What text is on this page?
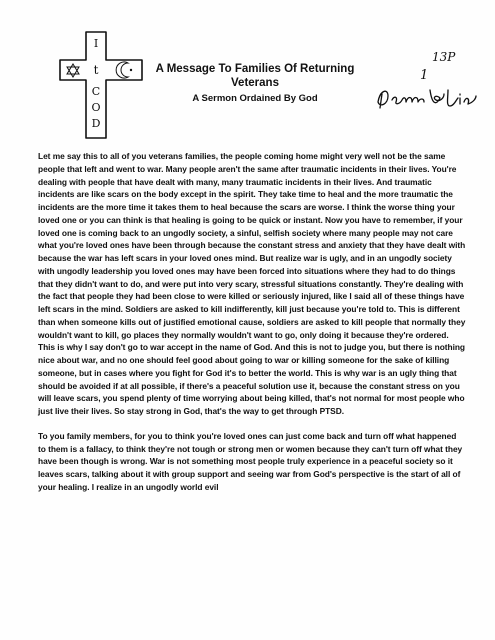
I
t
C
O
D
A Message To Families Of Returning Veterans
A Sermon Ordained By God
13P
1

Let me say this to all of you veterans families, the people coming home might very well not be the same people that left and went to war. Many people aren't the same after traumatic incidents in their lives. You're dealing with people that have dealt with many, many traumatic incidents in their lives. And traumatic incidents are like scars on the body except in the spirit. They take time to heal and the more traumatic the incidents are the more time it takes them to heal because the scars are worse. I think the worse thing your loved one or you can think is that healing is going to be quick or instant. Now you have to remember, if your loved one is coming back to an ungodly society, a sinful, selfish society where many people may not care what you're loved ones have been through because the constant stress and anxiety that they have dealt with because the war has left scars in your loved ones mind. But realize war is ugly, and in an ungodly society with ungodly leadership you loved ones may have been forced into situations where they had to do things that they didn't want to do, and were put into very scary, stressful situations constantly. They're dealing with the fact that people they had been close to were killed or seriously injured, like I said all of these things have left scars in the mind. Soldiers are asked to kill indifferently, kill just because you're told to. This is different than when someone kills out of justified emotional cause, soldiers are asked to kill people that normally they wouldn't want to kill, go places they normally wouldn't want to go, only doing it because they're ordered. This is why I say don't go to war accept in the name of God. And this is not to judge you, but there is nothing nice about war, and no one should feel good about going to war or killing someone for the sake of killing someone, but in cases where you fight for God it's to better the world. This is why war is an ugly thing that should be avoided if at all possible, if there's a peaceful solution use it, because the constant stress on you will leave scars, you spend plenty of time worrying about being killed, that's not normal for most people who just live their lives. So stay strong in God, that's the way to get through PTSD.

To you family members, for you to think you're loved ones can just come back and turn off what happened to them is a fallacy, to think they're not tough or strong men or women because they can't turn off what they have been though is wrong. War is not something most people truly experience in a peaceful society so it leaves scars, talking about it with group support and seeing war from God's perspective is the start of all of your healing. I realize in an ungodly world evil
